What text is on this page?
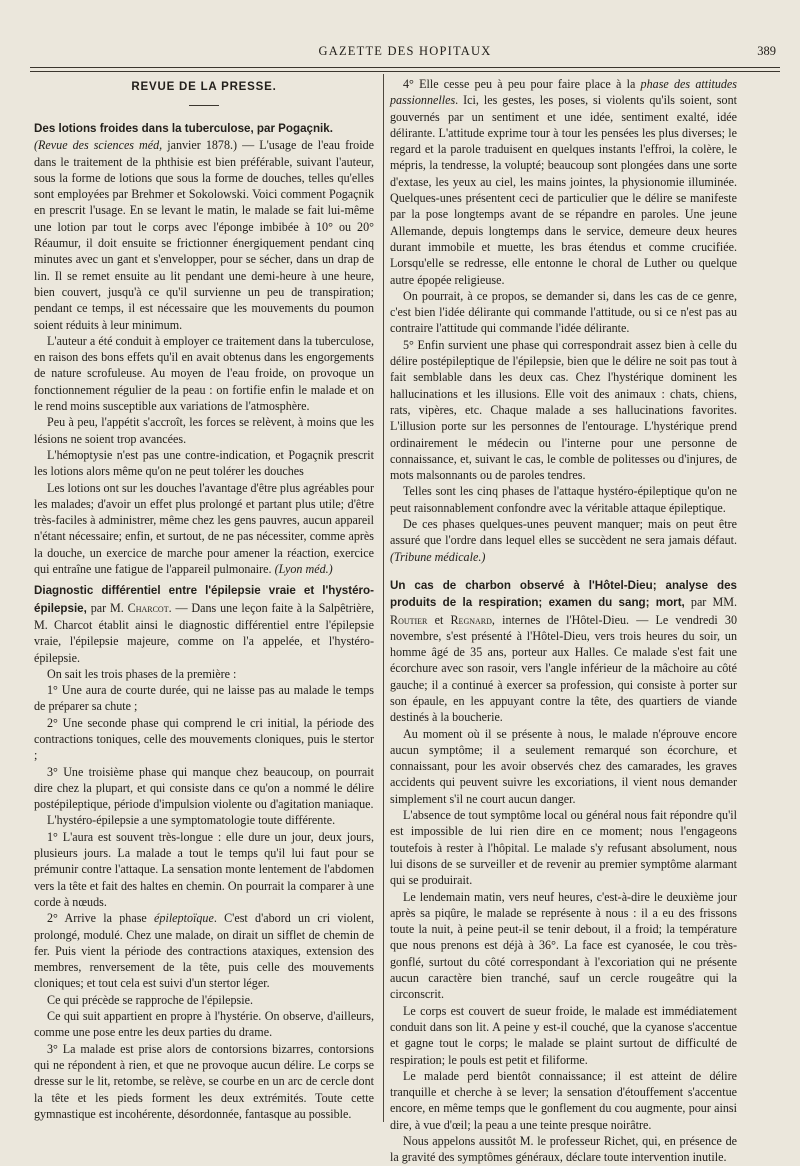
GAZETTE DES HOPITAUX	389
REVUE DE LA PRESSE.

Des lotions froides dans la tuberculose, par Pogaçnik.
(Revue des sciences méd, janvier 1878.) — L'usage de l'eau froide dans le traitement de la phthisie est bien préférable, suivant l'auteur, sous la forme de lotions que sous la forme de douches, telles qu'elles sont employées par Brehmer et Sokolowski. Voici comment Pogaçnik en prescrit l'usage. En se levant le matin, le malade se fait lui-même une lotion par tout le corps avec l'éponge imbibée à 10° ou 20° Réaumur, il doit ensuite se frictionner énergiquement pendant cinq minutes avec un gant et s'envelopper, pour se sécher, dans un drap de lin. Il se remet ensuite au lit pendant une demi-heure à une heure, bien couvert, jusqu'à ce qu'il survienne un peu de transpiration; pendant ce temps, il est nécessaire que les mouvements du poumon soient réduits à leur minimum.

L'auteur a été conduit à employer ce traitement dans la tuberculose, en raison des bons effets qu'il en avait obtenus dans les engorgements de nature scrofuleuse. Au moyen de l'eau froide, on provoque un fonctionnement régulier de la peau : on fortifie enfin le malade et on le rend moins susceptible aux variations de l'atmosphère.

Peu à peu, l'appétit s'accroît, les forces se relèvent, à moins que les lésions ne soient trop avancées.

L'hémoptysie n'est pas une contre-indication, et Pogaçnik prescrit les lotions alors même qu'on ne peut tolérer les douches

Les lotions ont sur les douches l'avantage d'être plus agréables pour les malades; d'avoir un effet plus prolongé et partant plus utile; d'être très-faciles à administrer, même chez les gens pauvres, aucun appareil n'étant nécessaire; enfin, et surtout, de ne pas nécessiter, comme après la douche, un exercice de marche pour amener la réaction, exercice qui entraîne une fatigue de l'appareil pulmonaire. (Lyon méd.)

Diagnostic différentiel entre l'épilepsie vraie et l'hystéro-épilepsie, par M. Charcot. — Dans une leçon faite à la Salpêtrière, M. Charcot établit ainsi le diagnostic différentiel entre l'épilepsie vraie, l'épilepsie majeure, comme on l'a appelée, et l'hystéro-épilepsie.

On sait les trois phases de la première :

1° Une aura de courte durée, qui ne laisse pas au malade le temps de préparer sa chute ;

2° Une seconde phase qui comprend le cri initial, la période des contractions toniques, celle des mouvements cloniques, puis le stertor ;

3° Une troisième phase qui manque chez beaucoup, on pourrait dire chez la plupart, et qui consiste dans ce qu'on a nommé le délire postépileptique, période d'impulsion violente ou d'agitation maniaque.

L'hystéro-épilepsie a une symptomatologie toute différente.

1° L'aura est souvent très-longue : elle dure un jour, deux jours, plusieurs jours. La malade a tout le temps qu'il lui faut pour se prémunir contre l'attaque. La sensation monte lentement de l'abdomen vers la tête et fait des haltes en chemin. On pourrait la comparer à une corde à nœuds.

2° Arrive la phase épileptoïque. C'est d'abord un cri violent, prolongé, modulé. Chez une malade, on dirait un sifflet de chemin de fer. Puis vient la période des contractions ataxiques, extension des membres, renversement de la tête, puis celle des mouvements cloniques; et tout cela est suivi d'un stertor léger.

Ce qui précède se rapproche de l'épilepsie.

Ce qui suit appartient en propre à l'hystérie. On observe, d'ailleurs, comme une pose entre les deux parties du drame.

3° La malade est prise alors de contorsions bizarres, contorsions qui ne répondent à rien, et que ne provoque aucun délire. Le corps se dresse sur le lit, retombe, se relève, se courbe en un arc de cercle dont la tête et les pieds forment les deux extrémités. Toute cette gymnastique est incohérente, désordonnée, fantasque au possible.

4° Elle cesse peu à peu pour faire place à la phase des attitudes passionnelles. Ici, les gestes, les poses, si violents qu'ils soient, sont gouvernés par un sentiment et une idée, sentiment exalté, idée délirante. L'attitude exprime tour à tour les pensées les plus diverses; le regard et la parole traduisent en quelques instants l'effroi, la colère, le mépris, la tendresse, la volupté; beaucoup sont plongées dans une sorte d'extase, les yeux au ciel, les mains jointes, la physionomie illuminée. Quelques-unes présentent ceci de particulier que le délire se manifeste par la pose longtemps avant de se répandre en paroles. Une jeune Allemande, depuis longtemps dans le service, demeure deux heures durant immobile et muette, les bras étendus et comme crucifiée. Lorsqu'elle se redresse, elle entonne le choral de Luther ou quelque autre épopée religieuse.

On pourrait, à ce propos, se demander si, dans les cas de ce genre, c'est bien l'idée délirante qui commande l'attitude, ou si ce n'est pas au contraire l'attitude qui commande l'idée délirante.

5° Enfin survient une phase qui correspondrait assez bien à celle du délire postépileptique de l'épilepsie, bien que le délire ne soit pas tout à fait semblable dans les deux cas. Chez l'hystérique dominent les hallucinations et les illusions. Elle voit des animaux : chats, chiens, rats, vipères, etc. Chaque malade a ses hallucinations favorites. L'illusion porte sur les personnes de l'entourage. L'hystérique prend ordinairement le médecin ou l'interne pour une personne de connaissance, et, suivant le cas, le comble de politesses ou d'injures, de mots malsonnants ou de paroles tendres.

Telles sont les cinq phases de l'attaque hystéro-épileptique qu'on ne peut raisonnablement confondre avec la véritable attaque épileptique.

De ces phases quelques-unes peuvent manquer; mais on peut être assuré que l'ordre dans lequel elles se succèdent ne sera jamais défaut. (Tribune médicale.)

Un cas de charbon observé à l'Hôtel-Dieu; analyse des produits de la respiration; examen du sang; mort, par MM. Routier et Regnard, internes de l'Hôtel-Dieu. — Le vendredi 30 novembre, s'est présenté à l'Hôtel-Dieu, vers trois heures du soir, un homme âgé de 35 ans, porteur aux Halles. Ce malade s'est fait une écorchure avec son rasoir, vers l'angle inférieur de la mâchoire au côté gauche; il a continué à exercer sa profession, qui consiste à porter sur son épaule, en les appuyant contre la tête, des quartiers de viande destinés à la boucherie.

Au moment où il se présente à nous, le malade n'éprouve encore aucun symptôme; il a seulement remarqué son écorchure, et connaissant, pour les avoir observés chez des camarades, les graves accidents qui peuvent suivre les excoriations, il vient nous demander simplement s'il ne court aucun danger.

L'absence de tout symptôme local ou général nous fait répondre qu'il est impossible de lui rien dire en ce moment; nous l'engageons toutefois à rester à l'hôpital. Le malade s'y refusant absolument, nous lui disons de se surveiller et de revenir au premier symptôme alarmant qui se produirait.

Le lendemain matin, vers neuf heures, c'est-à-dire le deuxième jour après sa piqûre, le malade se représente à nous : il a eu des frissons toute la nuit, à peine peut-il se tenir debout, il a froid; la température que nous prenons est déjà à 36°. La face est cyanosée, le cou très-gonflé, surtout du côté correspondant à l'excoriation qui ne présente aucun caractère bien tranché, sauf un cercle rougeâtre qui la circonscrit.

Le corps est couvert de sueur froide, le malade est immédiatement conduit dans son lit. A peine y est-il couché, que la cyanose s'accentue et gagne tout le corps; le malade se plaint surtout de difficulté de respiration; le pouls est petit et filiforme.

Le malade perd bientôt connaissance; il est atteint de délire tranquille et cherche à se lever; la sensation d'étouffement s'accentue encore, en même temps que le gonflement du cou augmente, pour ainsi dire, à vue d'œil; la peau a une teinte presque noirâtre.

Nous appelons aussitôt M. le professeur Richet, qui, en présence de la gravité des symptômes généraux, déclare toute intervention inutile.
